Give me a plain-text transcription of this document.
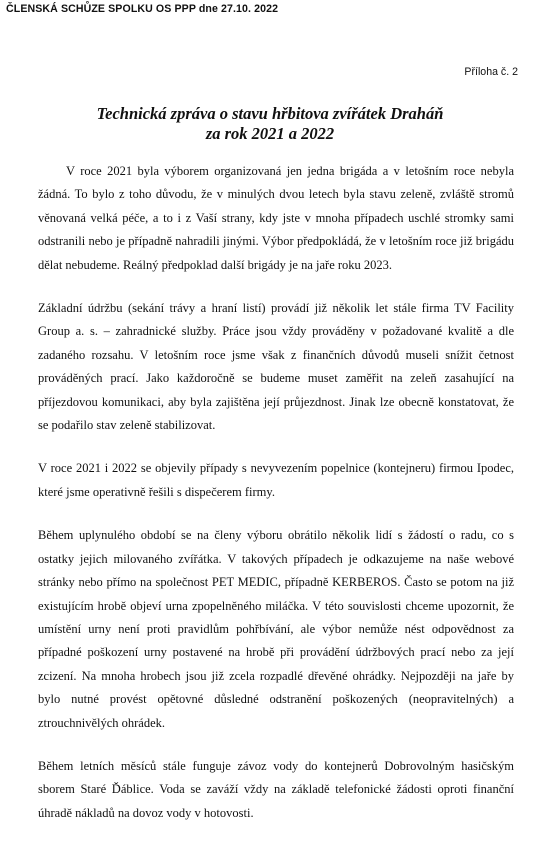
ČLENSKÁ SCHŮZE SPOLKU OS PPP dne 27.10. 2022
Příloha č. 2
Technická zpráva o stavu hřbitova zvířátek Draháň
za rok 2021 a 2022

V roce 2021 byla výborem organizovaná jen jedna brigáda a v letošním roce nebyla žádná. To bylo z toho důvodu, že v minulých dvou letech byla stavu zeleně, zvláště stromů věnovaná velká péče, a to i z Vaší strany, kdy jste v mnoha případech uschlé stromky sami odstranili nebo je případně nahradili jinými. Výbor předpokládá, že v letošním roce již brigádu dělat nebudeme. Reálný předpoklad další brigády je na jaře roku 2023.

Základní údržbu (sekání trávy a hraní listí) provádí již několik let stále firma TV Facility Group a. s. – zahradnické služby. Práce jsou vždy prováděny v požadované kvalitě a dle zadaného rozsahu. V letošním roce jsme však z finančních důvodů museli snížit četnost prováděných prací. Jako každoročně se budeme muset zaměřit na zeleň zasahující na příjezdovou komunikaci, aby byla zajištěna její průjezdnost. Jinak lze obecně konstatovat, že se podařilo stav zeleně stabilizovat.

V roce 2021 i 2022 se objevily případy s nevyvezením popelnice (kontejneru) firmou Ipodec, které jsme operativně řešili s dispečerem firmy.

Během uplynulého období se na členy výboru obrátilo několik lidí s žádostí o radu, co s ostatky jejich milovaného zvířátka. V takových případech je odkazujeme na naše webové stránky nebo přímo na společnost PET MEDIC, případně KERBEROS. Často se potom na již existujícím hrobě objeví urna zpopelněného miláčka. V této souvislosti chceme upozornit, že umístění urny není proti pravidlům pohřbívání, ale výbor nemůže nést odpovědnost za případné poškození urny postavené na hrobě při provádění údržbových prací nebo za její zcizení. Na mnoha hrobech jsou již zcela rozpadlé dřevěné ohrádky. Nejpozději na jaře by bylo nutné provést opětovné důsledné odstranění poškozených (neopravitelných) a ztrouchnivělých ohrádek.

Během letních měsíců stále funguje závoz vody do kontejnerů Dobrovolným hasičským sborem Staré Ďáblice. Voda se zaváží vždy na základě telefonické žádosti oproti finanční úhradě nákladů na dovoz vody v hotovosti.
